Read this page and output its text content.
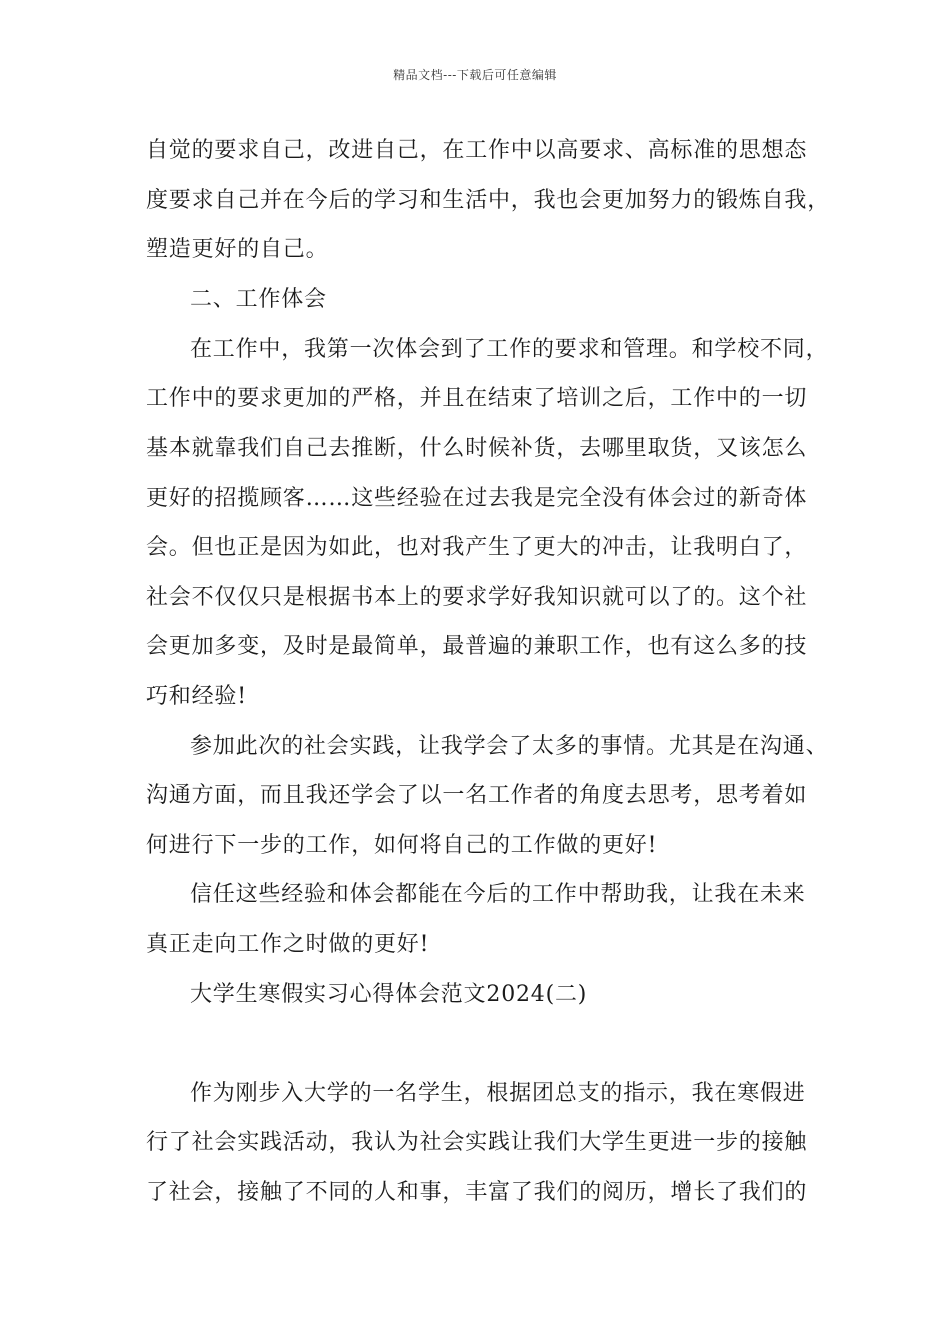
精品文档---下载后可任意编辑
自觉的要求自己，改进自己，在工作中以高要求、高标准的思想态
度要求自己并在今后的学习和生活中，我也会更加努力的锻炼自我，
塑造更好的自己。
二、工作体会
在工作中，我第一次体会到了工作的要求和管理。和学校不同，
工作中的要求更加的严格，并且在结束了培训之后，工作中的一切
基本就靠我们自己去推断，什么时候补货，去哪里取货，又该怎么
更好的招揽顾客……这些经验在过去我是完全没有体会过的新奇体
会。但也正是因为如此，也对我产生了更大的冲击，让我明白了，
社会不仅仅只是根据书本上的要求学好我知识就可以了的。这个社
会更加多变，及时是最简单，最普遍的兼职工作，也有这么多的技
巧和经验!
参加此次的社会实践，让我学会了太多的事情。尤其是在沟通、
沟通方面，而且我还学会了以一名工作者的角度去思考，思考着如
何进行下一步的工作，如何将自己的工作做的更好!
信任这些经验和体会都能在今后的工作中帮助我，让我在未来
真正走向工作之时做的更好!
大学生寒假实习心得体会范文2024(二)
作为刚步入大学的一名学生，根据团总支的指示，我在寒假进
行了社会实践活动，我认为社会实践让我们大学生更进一步的接触
了社会，接触了不同的人和事，丰富了我们的阅历，增长了我们的
